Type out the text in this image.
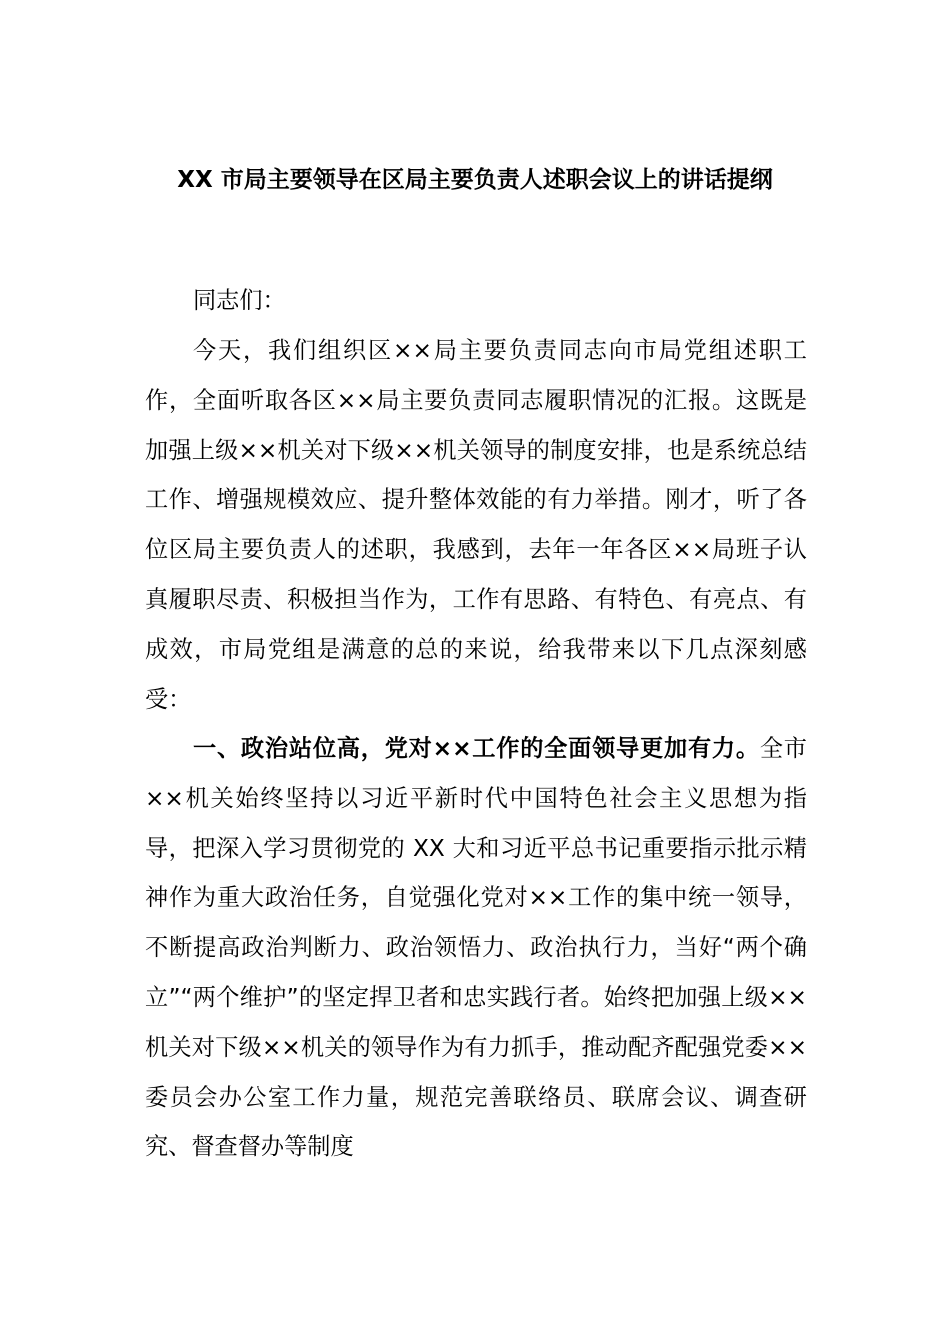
XX 市局主要领导在区局主要负责人述职会议上的讲话提纲
同志们：
今天，我们组织区××局主要负责同志向市局党组述职工作，全面听取各区××局主要负责同志履职情况的汇报。这既是加强上级××机关对下级××机关领导的制度安排，也是系统总结工作、增强规模效应、提升整体效能的有力举措。刚才，听了各位区局主要负责人的述职，我感到，去年一年各区××局班子认真履职尽责、积极担当作为，工作有思路、有特色、有亮点、有成效，市局党组是满意的总的来说，给我带来以下几点深刻感受：
一、政治站位高，党对××工作的全面领导更加有力。全市××机关始终坚持以习近平新时代中国特色社会主义思想为指导，把深入学习贯彻党的 XX 大和习近平总书记重要指示批示精神作为重大政治任务，自觉强化党对××工作的集中统一领导，不断提高政治判断力、政治领悟力、政治执行力，当好“两个确立”“两个维护”的坚定捍卫者和忠实践行者。始终把加强上级××机关对下级××机关的领导作为有力抓手，推动配齐配强党委××委员会办公室工作力量，规范完善联络员、联席会议、调查研究、督查督办等制度
